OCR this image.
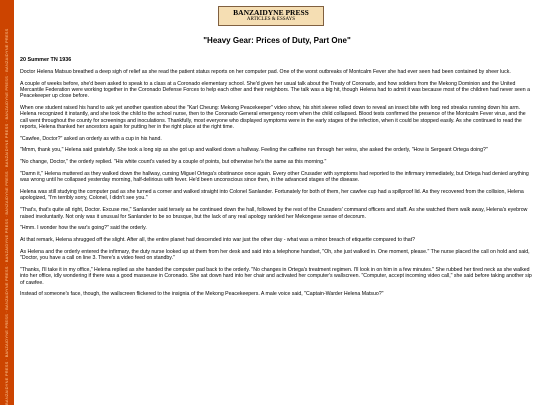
BANZAIDYNE PRESS · BANZAIDYNE PRESS · BANZAIDYNE PRESS · BANZAIDYNE PRESS · BANZAIDYNE PRESS · BANZAIDYNE PRESS · BANZAIDYNE PRESS · BANZAIDYNE PRESS
BANZAIDYNE PRESS
ARTICLES & ESSAYS
"Heavy Gear: Prices of Duty, Part One"
20 Summer TN 1936

Doctor Helena Matsuo breathed a deep sigh of relief as she read the patient status reports on her computer pad. One of the worst outbreaks of Montcalm Fever she had ever seen had been contained by sheer luck.

A couple of weeks before, she'd been asked to speak to a class at a Coronado elementary school. She'd given her usual talk about the Treaty of Coronado, and how soldiers from the Mekong Dominion and the United Mercantile Federation were working together in the Coronado Defense Forces to help each other and their neighbors. The talk was a big hit, though Helena had to admit it was because most of the children had never seen a Peacekeeper up close before.

When one student raised his hand to ask yet another question about the "Karl Cheung: Mekong Peacekeeper" video show, his shirt sleeve rolled down to reveal an insect bite with long red streaks running down his arm. Helena recognized it instantly, and she took the child to the school nurse, then to the Coronado General emergency room when the child collapsed. Blood tests confirmed the presence of the Montcalm Fever virus, and the call went throughout the county for screenings and inoculations. Thankfully, most everyone who displayed symptoms were in the early stages of the infection, when it could be stopped easily. As she continued to read the reports, Helena thanked her ancestors again for putting her in the right place at the right time.

"Cawfee, Doctor?" asked an orderly as with a cup in his hand.

"Mmm, thank you," Helena said gratefully. She took a long sip as she got up and walked down a hallway. Feeling the caffeine run through her veins, she asked the orderly, "How is Sergeant Ortega doing?"

"No change, Doctor," the orderly replied. "His white count's varied by a couple of points, but otherwise he's the same as this morning."

"Damn it," Helena muttered as they walked down the hallway, cursing Miguel Ortega's obstinance once again. Every other Crusader with symptoms had reported to the infirmary immediately, but Ortega had denied anything was wrong until he collapsed yesterday morning, half-delirious with fever. He'd been unconscious since then, in the advanced stages of the disease.

Helena was still studying the computer pad as she turned a corner and walked straight into Colonel Sanlander. Fortunately for both of them, her cawfee cup had a spillproof lid. As they recovered from the collision, Helena apologized, "I'm terribly sorry, Colonel, I didn't see you."

"That's, that's quite all right, Doctor. Excuse me," Sanlander said tersely as he continued down the hall, followed by the rest of the Crusaders' command officers and staff. As she watched them walk away, Helena's eyebrow raised involuntarily. Not only was it unusual for Sanlander to be so brusque, but the lack of any real apology rankled her Mekongese sense of decorum.

"Hmm. I wonder how the war's going?" said the orderly.

At that remark, Helena shrugged off the slight. After all, the entire planet had descended into war just the other day - what was a minor breach of etiquette compared to that?

As Helena and the orderly entered the infirmary, the duty nurse looked up at them from her desk and said into a telephone handset, "Oh, she just walked in. One moment, please." The nurse placed the call on hold and said, "Doctor, you have a call on line 3. There's a video feed on standby."

"Thanks, I'll take it in my office," Helena replied as she handed the computer pad back to the orderly. "No changes in Ortega's treatment regimen. I'll look in on him in a few minutes." She rubbed her tired neck as she walked into her office, idly wondering if there was a good masseuse in Coronado. She sat down hard into her chair and activated her computer's wallscreen. "Computer, accept incoming video call," she said before taking another sip of cawfee.

Instead of someone's face, though, the wallscreen flickered to the insignia of the Mekong Peacekeepers. A male voice said, "Captain-Warder Helena Matsuo?"
